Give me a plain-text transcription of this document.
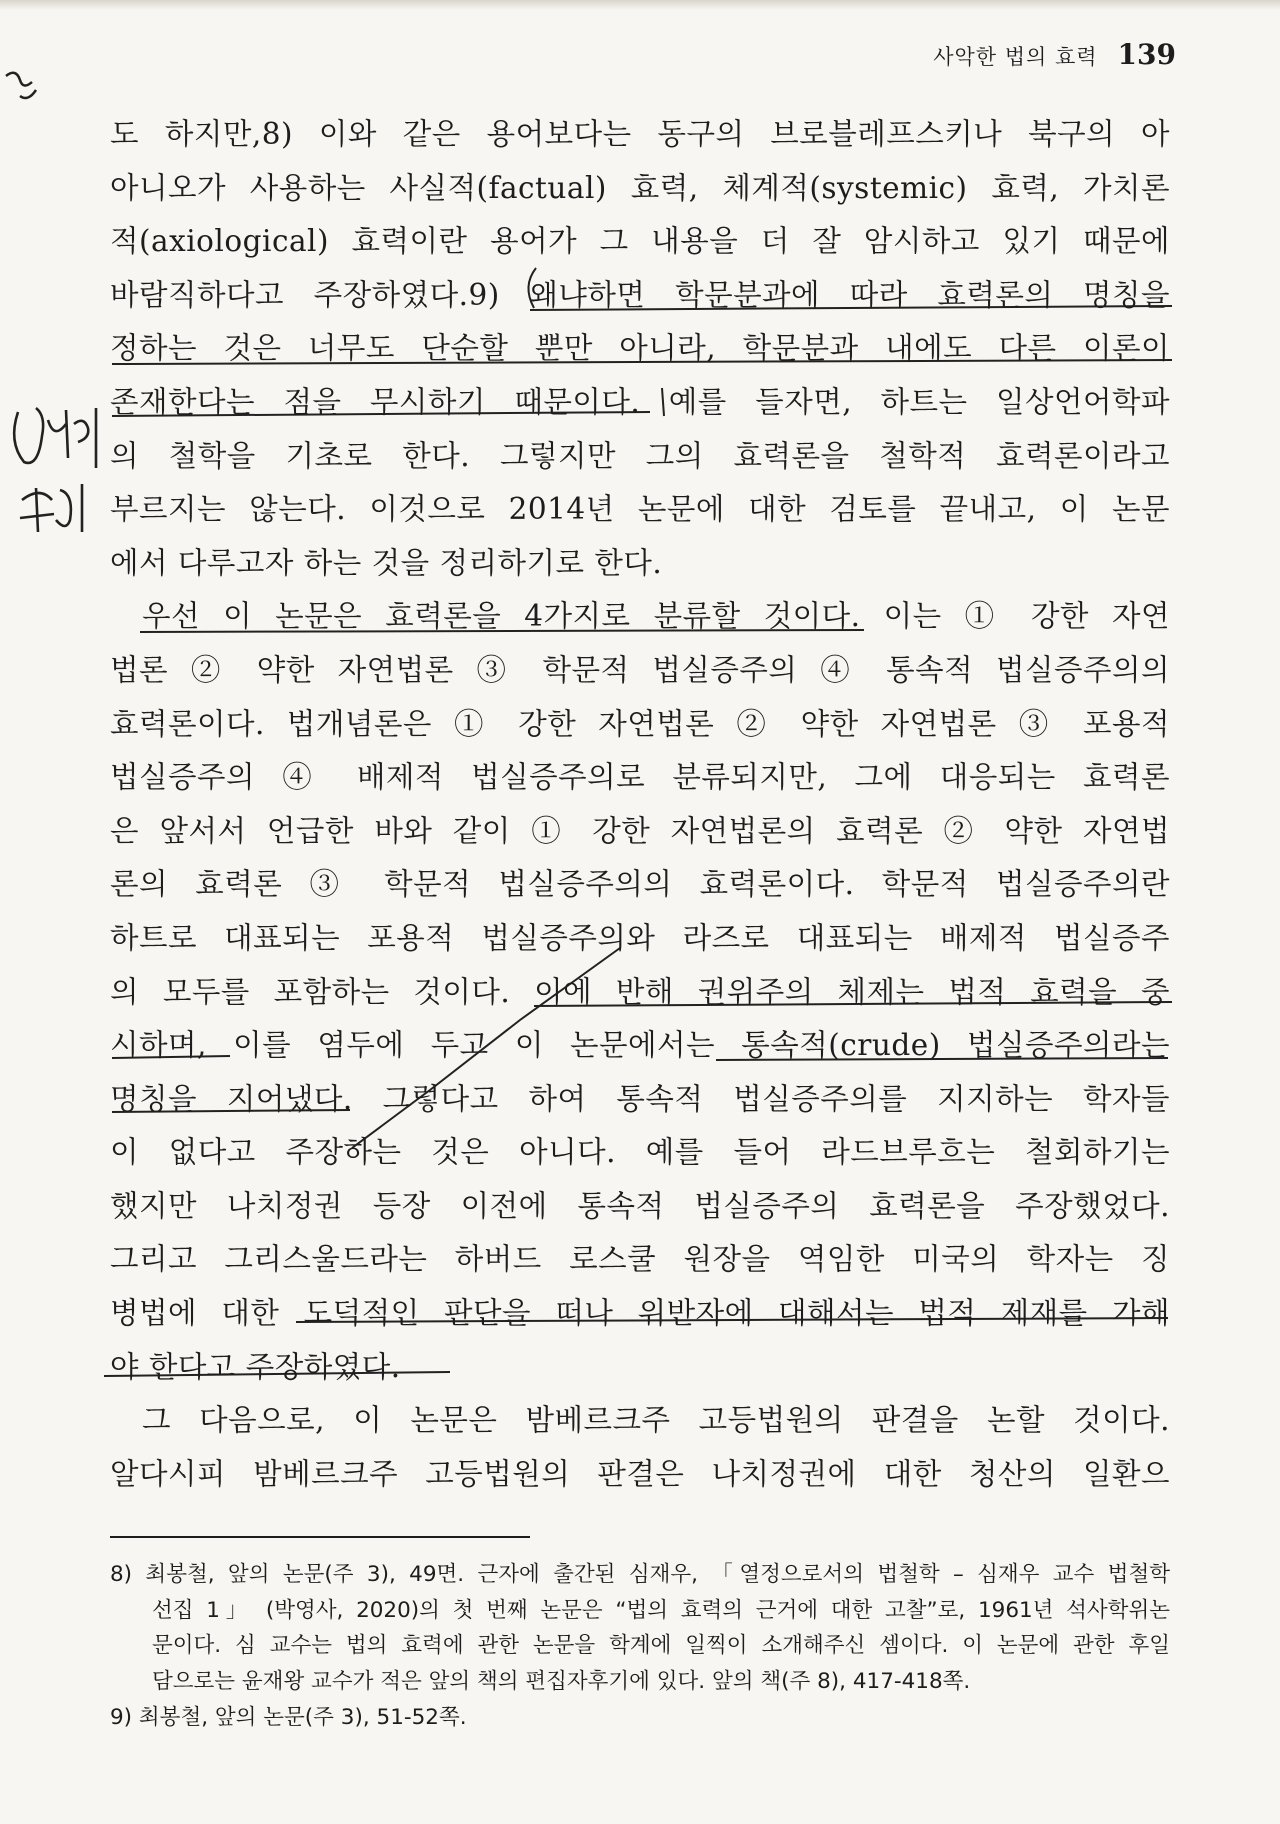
사악한 법의 효력 139
도 하지만,8) 이와 같은 용어보다는 동구의 브로블레프스키나 북구의 아
아니오가 사용하는 사실적(factual) 효력, 체계적(systemic) 효력, 가치론
적(axiological) 효력이란 용어가 그 내용을 더 잘 암시하고 있기 때문에
바람직하다고 주장하였다.9) 왜냐하면 학문분과에 따라 효력론의 명칭을
정하는 것은 너무도 단순할 뿐만 아니라, 학문분과 내에도 다른 이론이
존재한다는 점을 무시하기 때문이다. 예를 들자면, 하트는 일상언어학파
의 철학을 기초로 한다. 그렇지만 그의 효력론을 철학적 효력론이라고
부르지는 않는다. 이것으로 2014년 논문에 대한 검토를 끝내고, 이 논문
에서 다루고자 하는 것을 정리하기로 한다.
우선 이 논문은 효력론을 4가지로 분류할 것이다. 이는 ① 강한 자연
법론 ② 약한 자연법론 ③ 학문적 법실증주의 ④ 통속적 법실증주의의
효력론이다. 법개념론은 ① 강한 자연법론 ② 약한 자연법론 ③ 포용적
법실증주의 ④ 배제적 법실증주의로 분류되지만, 그에 대응되는 효력론
은 앞서서 언급한 바와 같이 ① 강한 자연법론의 효력론 ② 약한 자연법
론의 효력론 ③ 학문적 법실증주의의 효력론이다. 학문적 법실증주의란
하트로 대표되는 포용적 법실증주의와 라즈로 대표되는 배제적 법실증주
의 모두를 포함하는 것이다. 이에 반해 권위주의 체제는 법적 효력을 중
시하며, 이를 염두에 두고 이 논문에서는 통속적(crude) 법실증주의라는
명칭을 지어냈다. 그렇다고 하여 통속적 법실증주의를 지지하는 학자들
이 없다고 주장하는 것은 아니다. 예를 들어 라드브루흐는 철회하기는
했지만 나치정권 등장 이전에 통속적 법실증주의 효력론을 주장했었다.
그리고 그리스울드라는 하버드 로스쿨 원장을 역임한 미국의 학자는 징
병법에 대한 도덕적인 판단을 떠나 위반자에 대해서는 법적 제재를 가해
야 한다고 주장하였다.
그 다음으로, 이 논문은 밤베르크주 고등법원의 판결을 논할 것이다.
알다시피 밤베르크주 고등법원의 판결은 나치정권에 대한 청산의 일환으
8) 최봉철, 앞의 논문(주 3), 49면. 근자에 출간된 심재우, 「열정으로서의 법철학 – 심재우 교수 법철학
선집 1」 (박영사, 2020)의 첫 번째 논문은 “법의 효력의 근거에 대한 고찰”로, 1961년 석사학위논
문이다. 심 교수는 법의 효력에 관한 논문을 학계에 일찍이 소개해주신 셈이다. 이 논문에 관한 후일
담으로는 윤재왕 교수가 적은 앞의 책의 편집자후기에 있다. 앞의 책(주 8), 417-418쪽.
9) 최봉철, 앞의 논문(주 3), 51-52쪽.
